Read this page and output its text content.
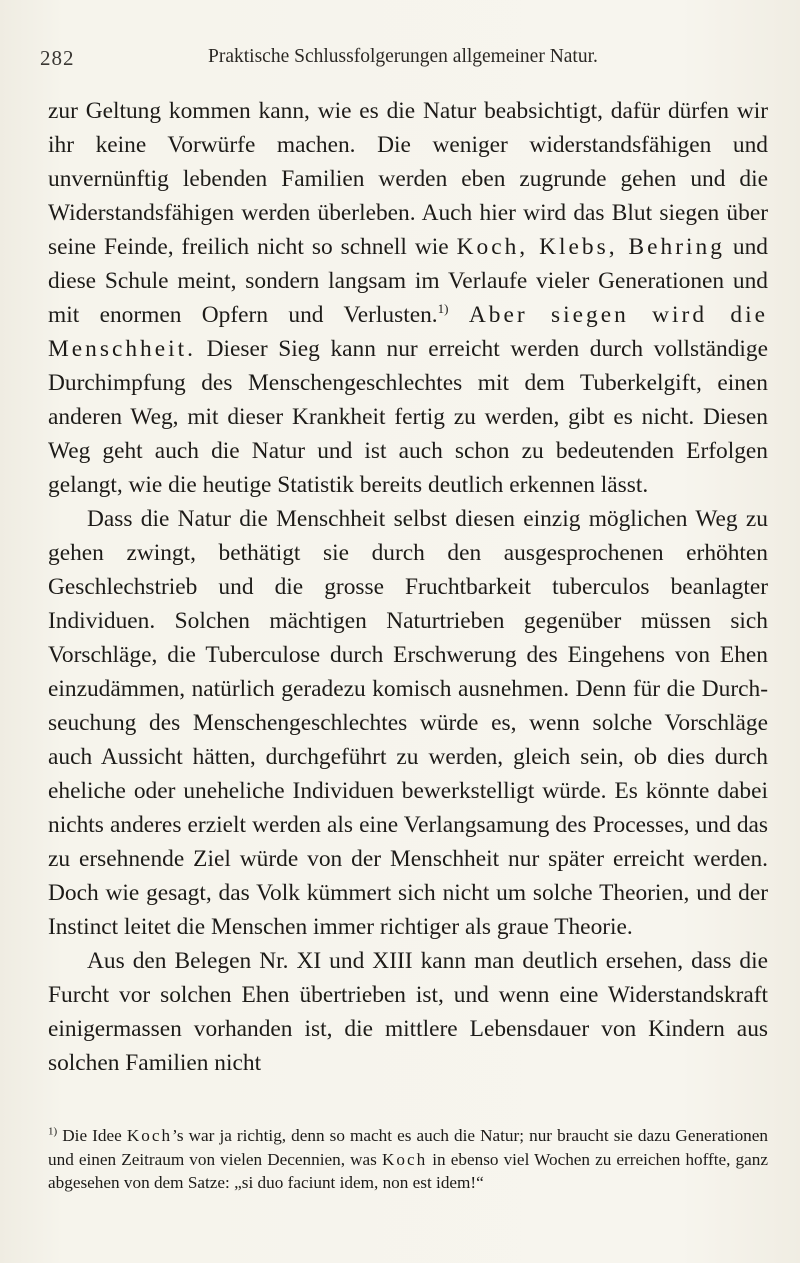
282	Praktische Schlussfolgerungen allgemeiner Natur.

zur Geltung kommen kann, wie es die Natur beabsichtigt, dafür dürfen wir ihr keine Vorwürfe machen. Die weniger widerstandsfähigen und unvernünftig lebenden Familien werden eben zugrunde gehen und die Widerstandsfähigen werden überleben. Auch hier wird das Blut siegen über seine Feinde, freilich nicht so schnell wie Koch, Klebs, Behring und diese Schule meint, sondern langsam im Verlaufe vieler Generationen und mit enormen Opfern und Verlusten.$^{1)}$ Aber siegen wird die Menschheit. Dieser Sieg kann nur erreicht werden durch vollständige Durchimpfung des Menschengeschlechtes mit dem Tuberkelgift, einen anderen Weg, mit dieser Krankheit fertig zu werden, gibt es nicht. Diesen Weg geht auch die Natur und ist auch schon zu bedeutenden Erfolgen gelangt, wie die heutige Statistik bereits deutlich erkennen lässt.

Dass die Natur die Menschheit selbst diesen einzig möglichen Weg zu gehen zwingt, bethätigt sie durch den ausgesprochenen erhöhten Geschlechstrieb und die grosse Fruchtbarkeit tuberculos beanlagter Individuen. Solchen mächtigen Naturtrieben gegenüber müssen sich Vorschläge, die Tuberculose durch Erschwerung des Eingehens von Ehen einzudämmen, natürlich geradezu komisch ausnehmen. Denn für die Durchseuchung des Menschengeschlechtes würde es, wenn solche Vorschläge auch Aussicht hätten, durchgeführt zu werden, gleich sein, ob dies durch eheliche oder uneheliche Individuen bewerkstelligt würde. Es könnte dabei nichts anderes erzielt werden als eine Verlangsamung des Processes, und das zu ersehnende Ziel würde von der Menschheit nur später erreicht werden. Doch wie gesagt, das Volk kümmert sich nicht um solche Theorien, und der Instinct leitet die Menschen immer richtiger als graue Theorie.

Aus den Belegen Nr. XI und XIII kann man deutlich ersehen, dass die Furcht vor solchen Ehen übertrieben ist, und wenn eine Widerstandskraft einigermassen vorhanden ist, die mittlere Lebensdauer von Kindern aus solchen Familien nicht

$^{1)}$ Die Idee Koch’s war ja richtig, denn so macht es auch die Natur; nur braucht sie dazu Generationen und einen Zeitraum von vielen Decennien, was Koch in ebenso viel Wochen zu erreichen hoffte, ganz abgesehen von dem Satze: „si duo faciunt idem, non est idem!“
